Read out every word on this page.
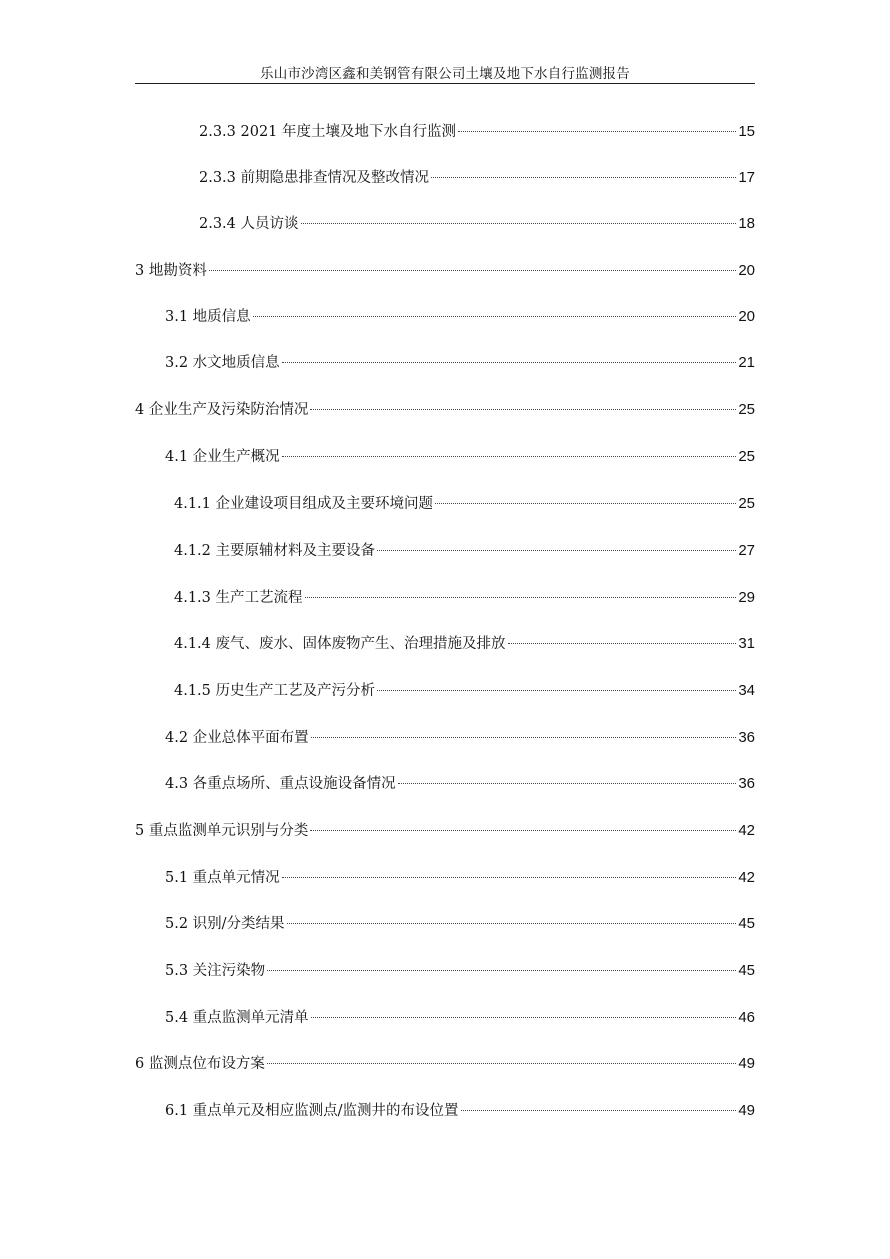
乐山市沙湾区鑫和美钢管有限公司土壤及地下水自行监测报告
2.3.3 2021 年度土壤及地下水自行监测	15
2.3.3 前期隐患排查情况及整改情况	17
2.3.4 人员访谈	18
3 地勘资料	20
3.1 地质信息	20
3.2 水文地质信息	21
4 企业生产及污染防治情况	25
4.1 企业生产概况	25
4.1.1 企业建设项目组成及主要环境问题	25
4.1.2 主要原辅材料及主要设备	27
4.1.3 生产工艺流程	29
4.1.4 废气、废水、固体废物产生、治理措施及排放	31
4.1.5 历史生产工艺及产污分析	34
4.2 企业总体平面布置	36
4.3 各重点场所、重点设施设备情况	36
5 重点监测单元识别与分类	42
5.1 重点单元情况	42
5.2 识别/分类结果	45
5.3 关注污染物	45
5.4 重点监测单元清单	46
6 监测点位布设方案	49
6.1 重点单元及相应监测点/监测井的布设位置	49
